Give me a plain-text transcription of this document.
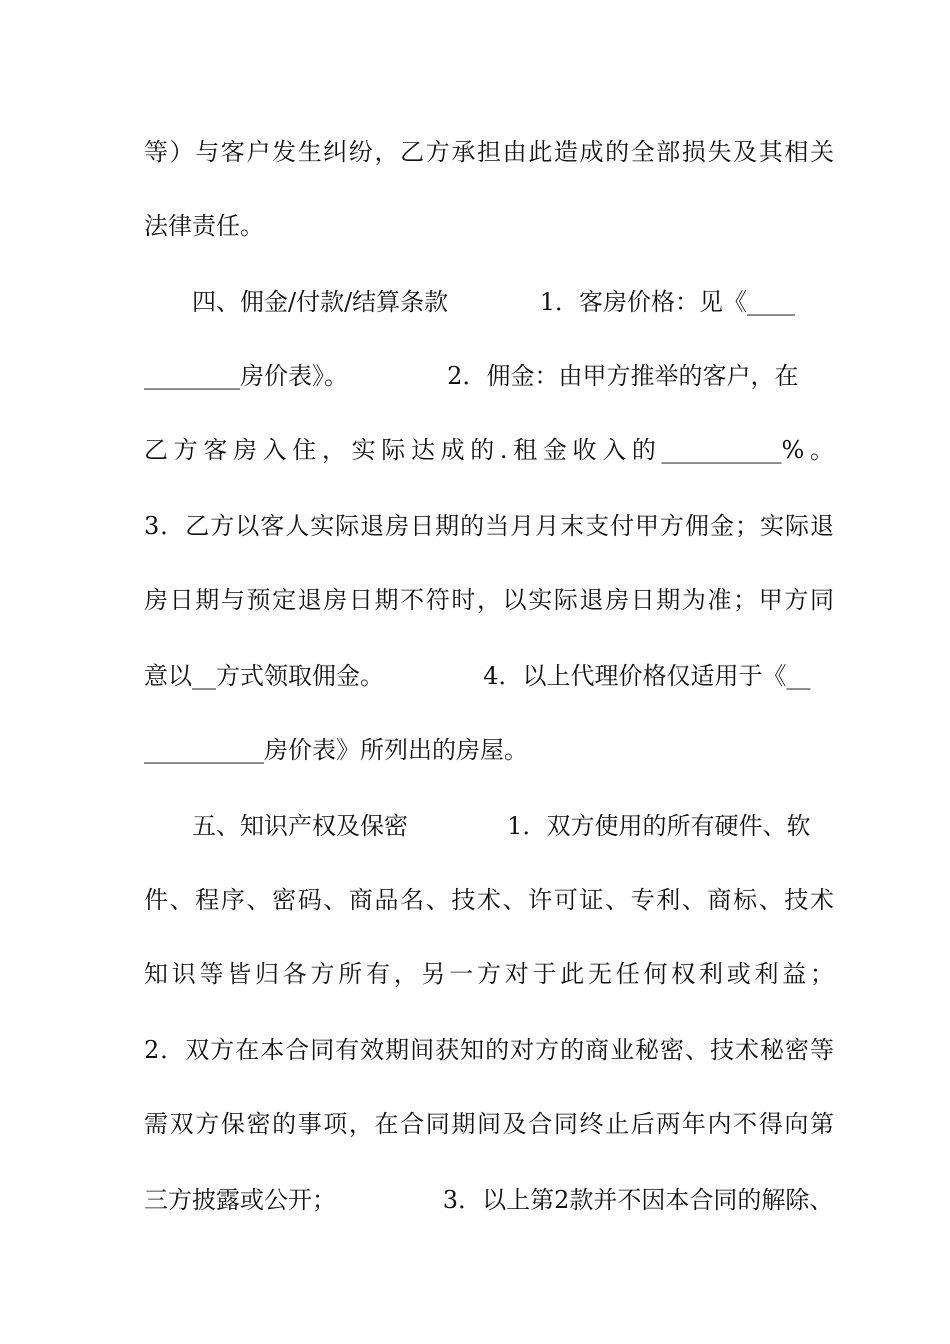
等）与客户发生纠纷，乙方承担由此造成的全部损失及其相关
法律责任。
四、佣金/付款/结算条款            1．客房价格：见《____
________房价表》。             2．佣金：由甲方推举的客户，在
乙方客房入住，实际达成的.租金收入的__________%。
3．乙方以客人实际退房日期的当月月末支付甲方佣金；实际退
房日期与预定退房日期不符时，以实际退房日期为准；甲方同
意以__方式领取佣金。             4．以上代理价格仅适用于《__
__________房价表》所列出的房屋。
五、知识产权及保密             1．双方使用的所有硬件、软
件、程序、密码、商品名、技术、许可证、专利、商标、技术
知识等皆归各方所有，另一方对于此无任何权利或利益；
2．双方在本合同有效期间获知的对方的商业秘密、技术秘密等
需双方保密的事项，在合同期间及合同终止后两年内不得向第
三方披露或公开；              3．以上第2款并不因本合同的解除、
